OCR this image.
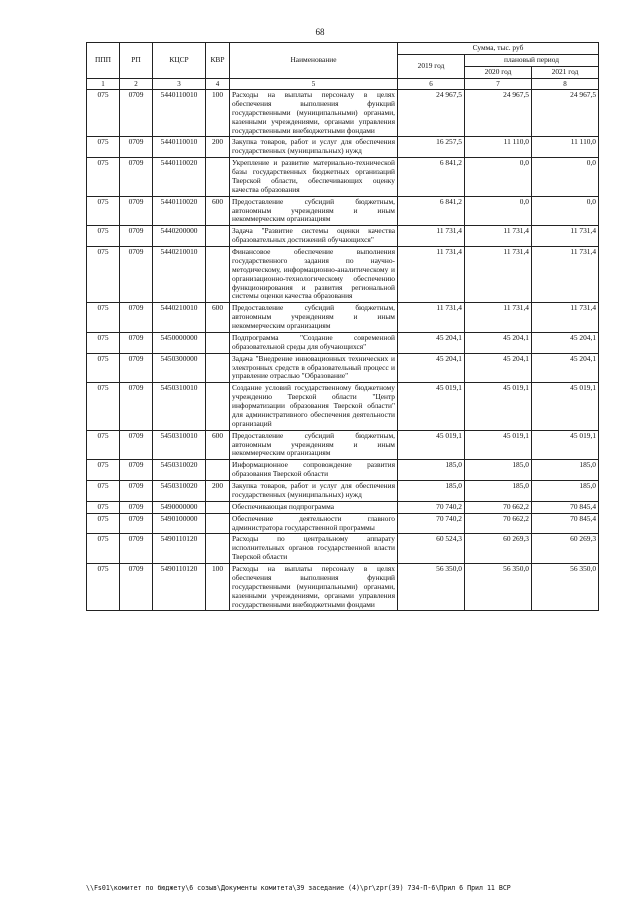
68
ППП	РП	КЦСР	КВР	Наименование	Сумма, тыс. руб		
					2019 год	плановый период	
						2020 год	2021 год
1	2	3	4	5	6	7	8
075	0709	5440110010	100	Расходы на выплаты персоналу в целях обеспечения выполнения функций государственными (муниципальными) органами, казенными учреждениями, органами управления государственными внебюджетными фондами	24 967,5	24 967,5	24 967,5
075	0709	5440110010	200	Закупка товаров, работ и услуг для обеспечения государственных (муниципальных) нужд	16 257,5	11 110,0	11 110,0
075	0709	5440110020		Укрепление и развитие материально-технической базы государственных бюджетных организаций Тверской области, обеспечивающих оценку качества образования	6 841,2	0,0	0,0
075	0709	5440110020	600	Предоставление субсидий бюджетным, автономным учреждениям и иным некоммерческим организациям	6 841,2	0,0	0,0
075	0709	5440200000		Задача "Развитие системы оценки качества образовательных достижений обучающихся"	11 731,4	11 731,4	11 731,4
075	0709	5440210010		Финансовое обеспечение выполнения государственного задания по научно-методическому, информационно-аналитическому и организационно-технологическому обеспечению функционирования и развития региональной системы оценки качества образования	11 731,4	11 731,4	11 731,4
075	0709	5440210010	600	Предоставление субсидий бюджетным, автономным учреждениям и иным некоммерческим организациям	11 731,4	11 731,4	11 731,4
075	0709	5450000000		Подпрограмма "Создание современной образовательной среды для обучающихся"	45 204,1	45 204,1	45 204,1
075	0709	5450300000		Задача "Внедрение инновационных технических и электронных средств в образовательный процесс и управление отраслью "Образование"	45 204,1	45 204,1	45 204,1
075	0709	5450310010		Создание условий государственному бюджетному учреждению Тверской области "Центр информатизации образования Тверской области" для административного обеспечения деятельности организаций	45 019,1	45 019,1	45 019,1
075	0709	5450310010	600	Предоставление субсидий бюджетным, автономным учреждениям и иным некоммерческим организациям	45 019,1	45 019,1	45 019,1
075	0709	5450310020		Информационное сопровождение развития образования Тверской области	185,0	185,0	185,0
075	0709	5450310020	200	Закупка товаров, работ и услуг для обеспечения государственных (муниципальных) нужд	185,0	185,0	185,0
075	0709	5490000000		Обеспечивающая подпрограмма	70 740,2	70 662,2	70 845,4
075	0709	5490100000		Обеспечение деятельности главного администратора государственной программы	70 740,2	70 662,2	70 845,4
075	0709	5490110120		Расходы по центральному аппарату исполнительных органов государственной власти Тверской области	60 524,3	60 269,3	60 269,3
075	0709	5490110120	100	Расходы на выплаты персоналу в целях обеспечения выполнения функций государственными (муниципальными) органами, казенными учреждениями, органами управления государственными внебюджетными фондами	56 350,0	56 350,0	56 350,0
\\Fs01\комитет по бюджету\6 созыв\Документы комитета\39 заседание (4)\pr\zpr(39) 734-П-6\Прил 6 Прил 11 ВСР
